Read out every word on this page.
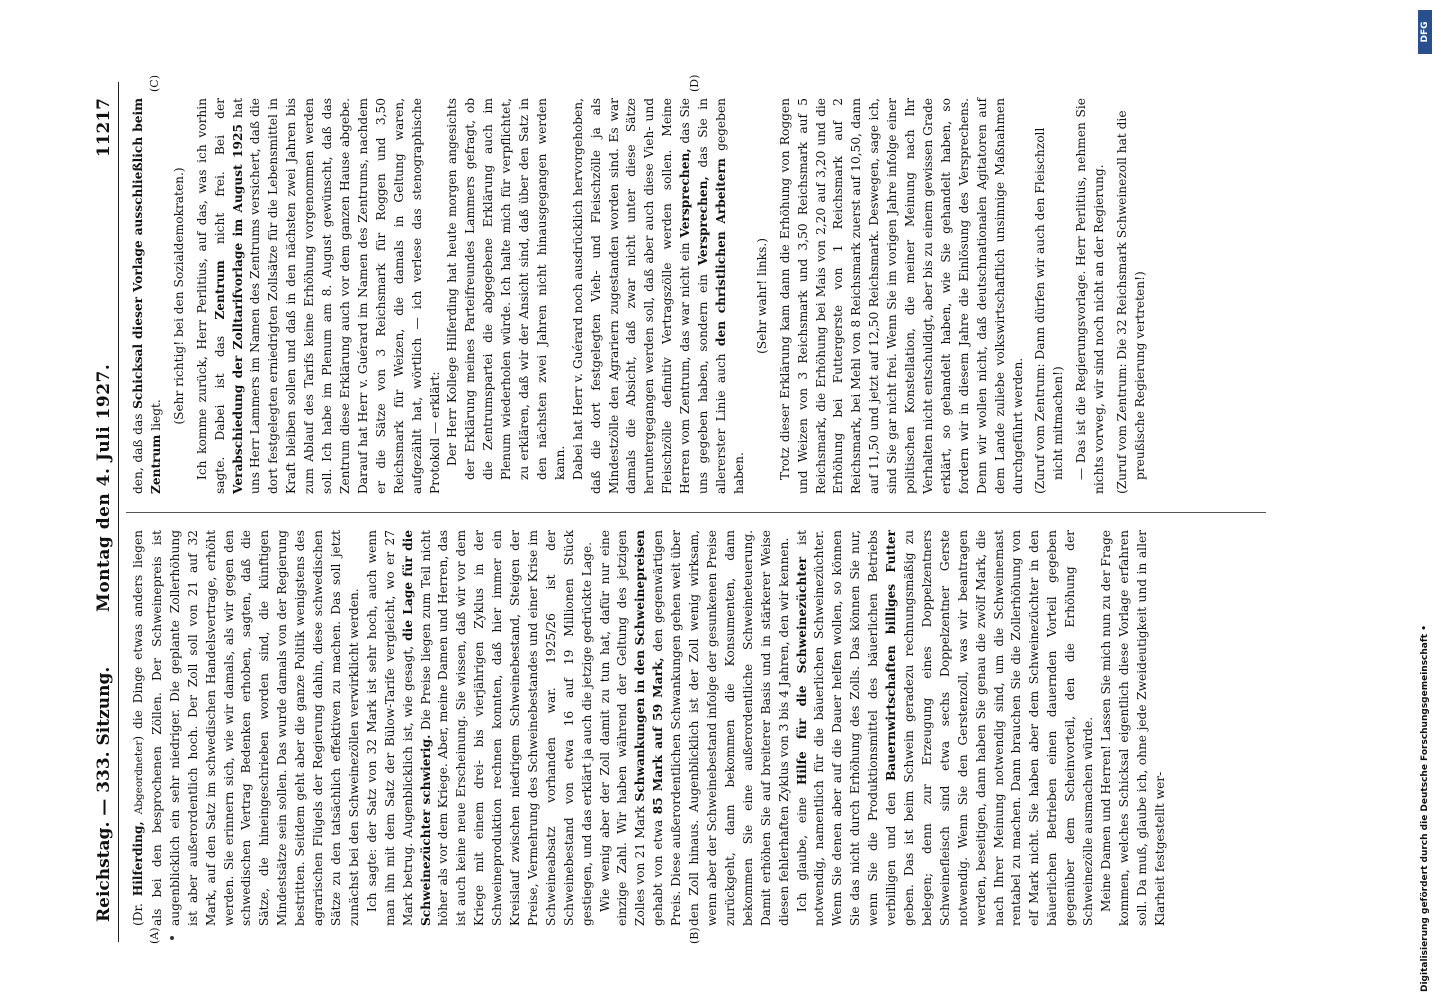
Reichstag. — 333. Sitzung.
Montag den 4. Juli 1927.
11217
(A)	(B)
(C)	(D)

(Dr. Hilferding, Abgeordneter) die Dinge etwas anders liegen als bei den besprochenen Zöllen. Der Schweinepreis ist augenblicklich ein sehr niedriger. Die geplante Zollerhöhung ist aber außerordentlich hoch. Der Zoll soll von 21 auf 32 Mark, auf den Satz im schwedischen Handelsvertrage, erhöht werden. Sie erinnern sich, wie wir damals, als wir gegen den schwedischen Vertrag Bedenken erhoben, sagten, daß die Sätze, die hineingeschrieben worden sind, die künftigen Mindestsätze sein sollen. Das wurde damals von der Regierung bestritten. Seitdem geht aber die ganze Politik wenigstens des agrarischen Flügels der Regierung dahin, diese schwedischen Sätze zu den tatsächlich effektiven zu machen. Das soll jetzt zunächst bei den Schweinezöllen verwirklicht werden. Ich sagte: der Satz von 32 Mark ist sehr hoch, auch wenn man ihn mit dem Satz der Bülow-Tarife vergleicht, wo er 27 Mark betrug. Augenblicklich ist, wie gesagt, die Lage für die Schweinezüchter schwierig. Die Preise liegen zum Teil nicht höher als vor dem Kriege. Aber, meine Damen und Herren, das ist auch keine neue Erscheinung. Sie wissen, daß wir vor dem Kriege mit einem drei- bis vierjährigen Zyklus in der Schweineproduktion rechnen konnten, daß hier immer ein Kreislauf zwischen niedrigem Schweinebestand, Steigen der Preise, Vermehrung des Schweinebestandes und einer Krise im Schweineabsatz vorhanden war. 1925/26 ist der Schweinebestand von etwa 16 auf 19 Millionen Stück gestiegen, und das erklärt ja auch die jetzige gedrückte Lage. Wie wenig aber der Zoll damit zu tun hat, dafür nur eine einzige Zahl. Wir haben während der Geltung des jetzigen Zolles von 21 Mark Schwankungen in den Schweinepreisen gehabt von etwa 85 Mark auf 59 Mark, den gegenwärtigen Preis. Diese außerordentlichen Schwankungen gehen weit über den Zoll hinaus. Augenblicklich ist der Zoll wenig wirksam, wenn aber der Schweinebestand infolge der gesunkenen Preise zurückgeht, dann bekommen die Konsumenten, dann bekommen Sie eine außerordentliche Schweineteuerung. Damit erhöhen Sie auf breiterer Basis und in stärkerer Weise diesen fehlerhaften Zyklus von 3 bis 4 Jahren, den wir kennen. Ich glaube, eine Hilfe für die Schweinezüchter ist notwendig, namentlich für die bäuerlichen Schweinezüchter. Wenn Sie denen aber auf die Dauer helfen wollen, so können Sie das nicht durch Erhöhung des Zolls. Das können Sie nur, wenn Sie die Produktionsmittel des bäuerlichen Betriebs verbilligen und den Bauernwirtschaften billiges Futter geben. Das ist beim Schwein geradezu rechnungsmäßig zu belegen; denn zur Erzeugung eines Doppelzentners Schweinefleisch sind etwa sechs Doppelzentner Gerste notwendig. Wenn Sie den Gerstenzoll, was wir beantragen werden, beseitigen, dann haben Sie genau die zwölf Mark, die nach Ihrer Meinung notwendig sind, um die Schweinemast rentabel zu machen. Dann brauchen Sie die Zollerhöhung von elf Mark nicht. Sie haben aber dem Schweinezüchter in den bäuerlichen Betrieben einen dauernden Vorteil gegeben gegenüber dem Scheinvorteil, den die Erhöhung der Schweinezölle ausmachen würde. Meine Damen und Herren! Lassen Sie mich nun zu der Frage kommen, welches Schicksal eigentlich diese Vorlage erfahren soll. Da muß, glaube ich, ohne jede Zweideutigkeit und in aller Klarheit festgestellt wer-

den, daß das Schicksal dieser Vorlage ausschließlich beim Zentrum liegt. (Sehr richtig! bei den Sozialdemokraten.) Ich komme zurück, Herr Perlitius, auf das, was ich vorhin sagte. Dabei ist das Zentrum nicht frei. Bei der Verabschiedung der Zolltarifvorlage im August 1925 hat uns Herr Lammers im Namen des Zentrums versichert, daß die dort festgelegten erniedrigten Zollsätze für die Lebensmittel in Kraft bleiben sollen und daß in den nächsten zwei Jahren bis zum Ablauf des Tarifs keine Erhöhung vorgenommen werden soll. Ich habe im Plenum am 8. August gewünscht, daß das Zentrum diese Erklärung auch vor dem ganzen Hause abgebe. Darauf hat Herr v. Guérard im Namen des Zentrums, nachdem er die Sätze von 3 Reichsmark für Roggen und 3,50 Reichsmark für Weizen, die damals in Geltung waren, aufgezählt hat, wörtlich — ich verlese das stenographische Protokoll — erklärt: Der Herr Kollege Hilferding hat heute morgen angesichts der Erklärung meines Parteifreundes Lammers gefragt, ob die Zentrumspartei die abgegebene Erklärung auch im Plenum wiederholen würde. Ich halte mich für verpflichtet, zu erklären, daß wir der Ansicht sind, daß über den Satz in den nächsten zwei Jahren nicht hinausgegangen werden kann. Dabei hat Herr v. Guérard noch ausdrücklich hervorgehoben, daß die dort festgelegten Vieh- und Fleischzölle ja als Mindestzölle den Agrariern zugestanden worden sind. Es war damals die Absicht, daß zwar nicht unter diese Sätze heruntergegangen werden soll, daß aber auch diese Vieh- und Fleischzölle definitiv Vertragszölle werden sollen. Meine Herren vom Zentrum, das war nicht ein Versprechen, das Sie uns gegeben haben, sondern ein Versprechen, das Sie in allererster Linie auch den christlichen Arbeitern gegeben haben.

(Sehr wahr! links.) Trotz dieser Erklärung kam dann die Erhöhung von Roggen und Weizen von 3 Reichsmark und 3,50 Reichsmark auf 5 Reichsmark, die Erhöhung bei Mais von 2,20 auf 3,20 und die Erhöhung bei Futtergerste von 1 Reichsmark auf 2 Reichsmark, bei Mehl von 8 Reichsmark zuerst auf 10,50, dann auf 11,50 und jetzt auf 12,50 Reichsmark. Deswegen, sage ich, sind Sie gar nicht frei. Wenn Sie im vorigen Jahre infolge einer politischen Konstellation, die meiner Meinung nach Ihr Verhalten nicht entschuldigt, aber bis zu einem gewissen Grade erklärt, so gehandelt haben, wie Sie gehandelt haben, so fordern wir in diesem Jahre die Einlösung des Versprechens. Denn wir wollen nicht, daß deutschnationalen Agitatoren auf dem Lande zuliebe volkswirtschaftlich unsinnige Maßnahmen durchgeführt werden. (Zuruf vom Zentrum: Dann dürfen wir auch den Fleischzoll nicht mitmachen!) — Das ist die Regierungsvorlage. Herr Perlitius, nehmen Sie nichts vorweg, wir sind noch nicht an der Regierung. (Zuruf vom Zentrum: Die 32 Reichsmark Schweinezoll hat die preußische Regierung vertreten!)

Digitalisierung gefördert durch die Deutsche Forschungsgemeinschaft •
DFG
